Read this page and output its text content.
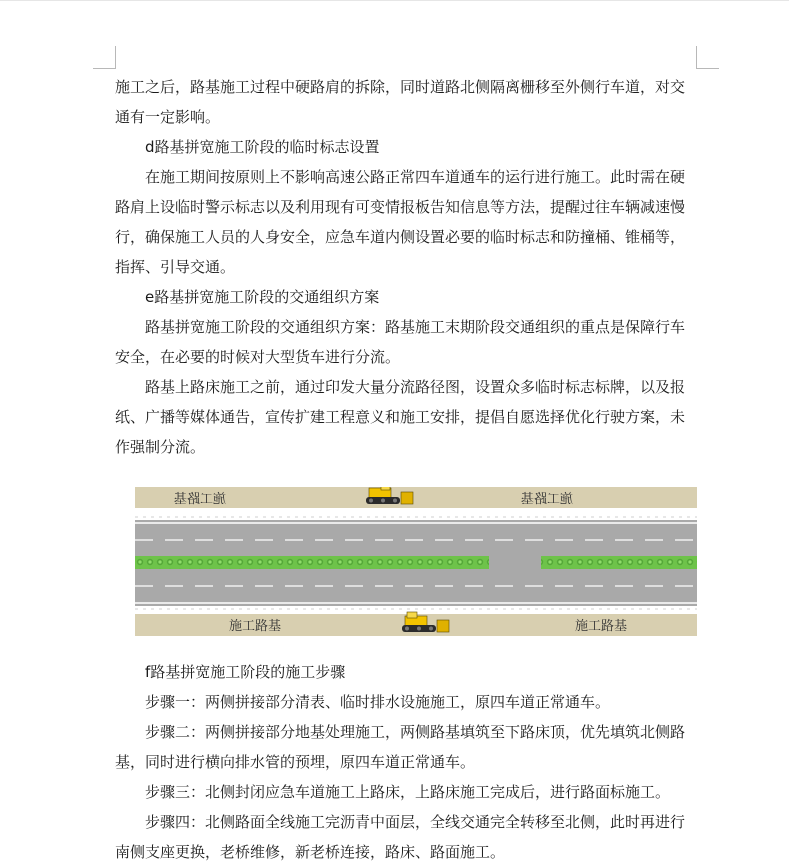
施工之后，路基施工过程中硬路肩的拆除，同时道路北侧隔离栅移至外侧行车道，对交通有一定影响。

d路基拼宽施工阶段的临时标志设置

在施工期间按原则上不影响高速公路正常四车道通车的运行进行施工。此时需在硬路肩上设临时警示标志以及利用现有可变情报板告知信息等方法，提醒过往车辆减速慢行，确保施工人员的人身安全，应急车道内侧设置必要的临时标志和防撞桶、锥桶等，指挥、引导交通。

e路基拼宽施工阶段的交通组织方案

路基拼宽施工阶段的交通组织方案：路基施工末期阶段交通组织的重点是保障行车安全，在必要的时候对大型货车进行分流。

路基上路床施工之前，通过印发大量分流路径图，设置众多临时标志标牌，以及报纸、广播等媒体通告，宣传扩建工程意义和施工安排，提倡自愿选择优化行驶方案，未作强制分流。

施工路基	施工路基
施工路基	施工路基

f路基拼宽施工阶段的施工步骤

步骤一：两侧拼接部分清表、临时排水设施施工，原四车道正常通车。

步骤二：两侧拼接部分地基处理施工，两侧路基填筑至下路床顶，优先填筑北侧路基，同时进行横向排水管的预埋，原四车道正常通车。

步骤三：北侧封闭应急车道施工上路床，上路床施工完成后，进行路面标施工。

步骤四：北侧路面全线施工完沥青中面层，全线交通完全转移至北侧，此时再进行南侧支座更换，老桥维修，新老桥连接，路床、路面施工。
